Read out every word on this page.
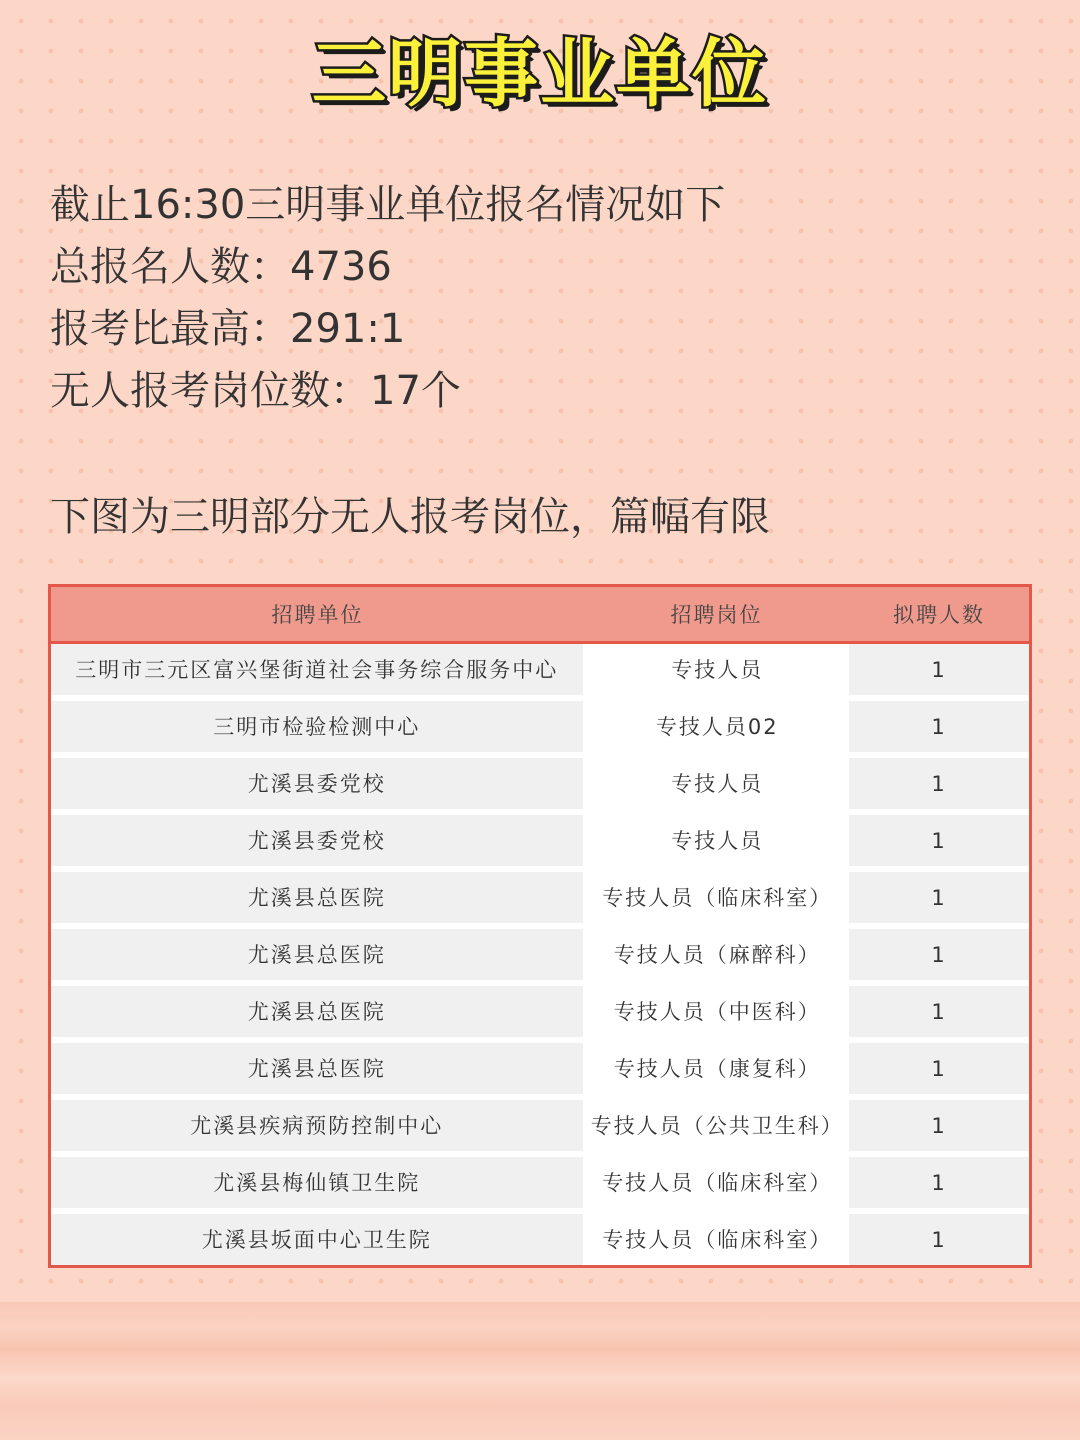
三明事业单位
截止16:30三明事业单位报名情况如下
总报名人数：4736
报考比最高：291:1
无人报考岗位数：17个
下图为三明部分无人报考岗位，篇幅有限
招聘单位	招聘岗位	拟聘人数
三明市三元区富兴堡街道社会事务综合服务中心	专技人员	1
三明市检验检测中心	专技人员02	1
尤溪县委党校	专技人员	1
尤溪县委党校	专技人员	1
尤溪县总医院	专技人员（临床科室）	1
尤溪县总医院	专技人员（麻醉科）	1
尤溪县总医院	专技人员（中医科）	1
尤溪县总医院	专技人员（康复科）	1
尤溪县疾病预防控制中心	专技人员（公共卫生科）	1
尤溪县梅仙镇卫生院	专技人员（临床科室）	1
尤溪县坂面中心卫生院	专技人员（临床科室）	1
